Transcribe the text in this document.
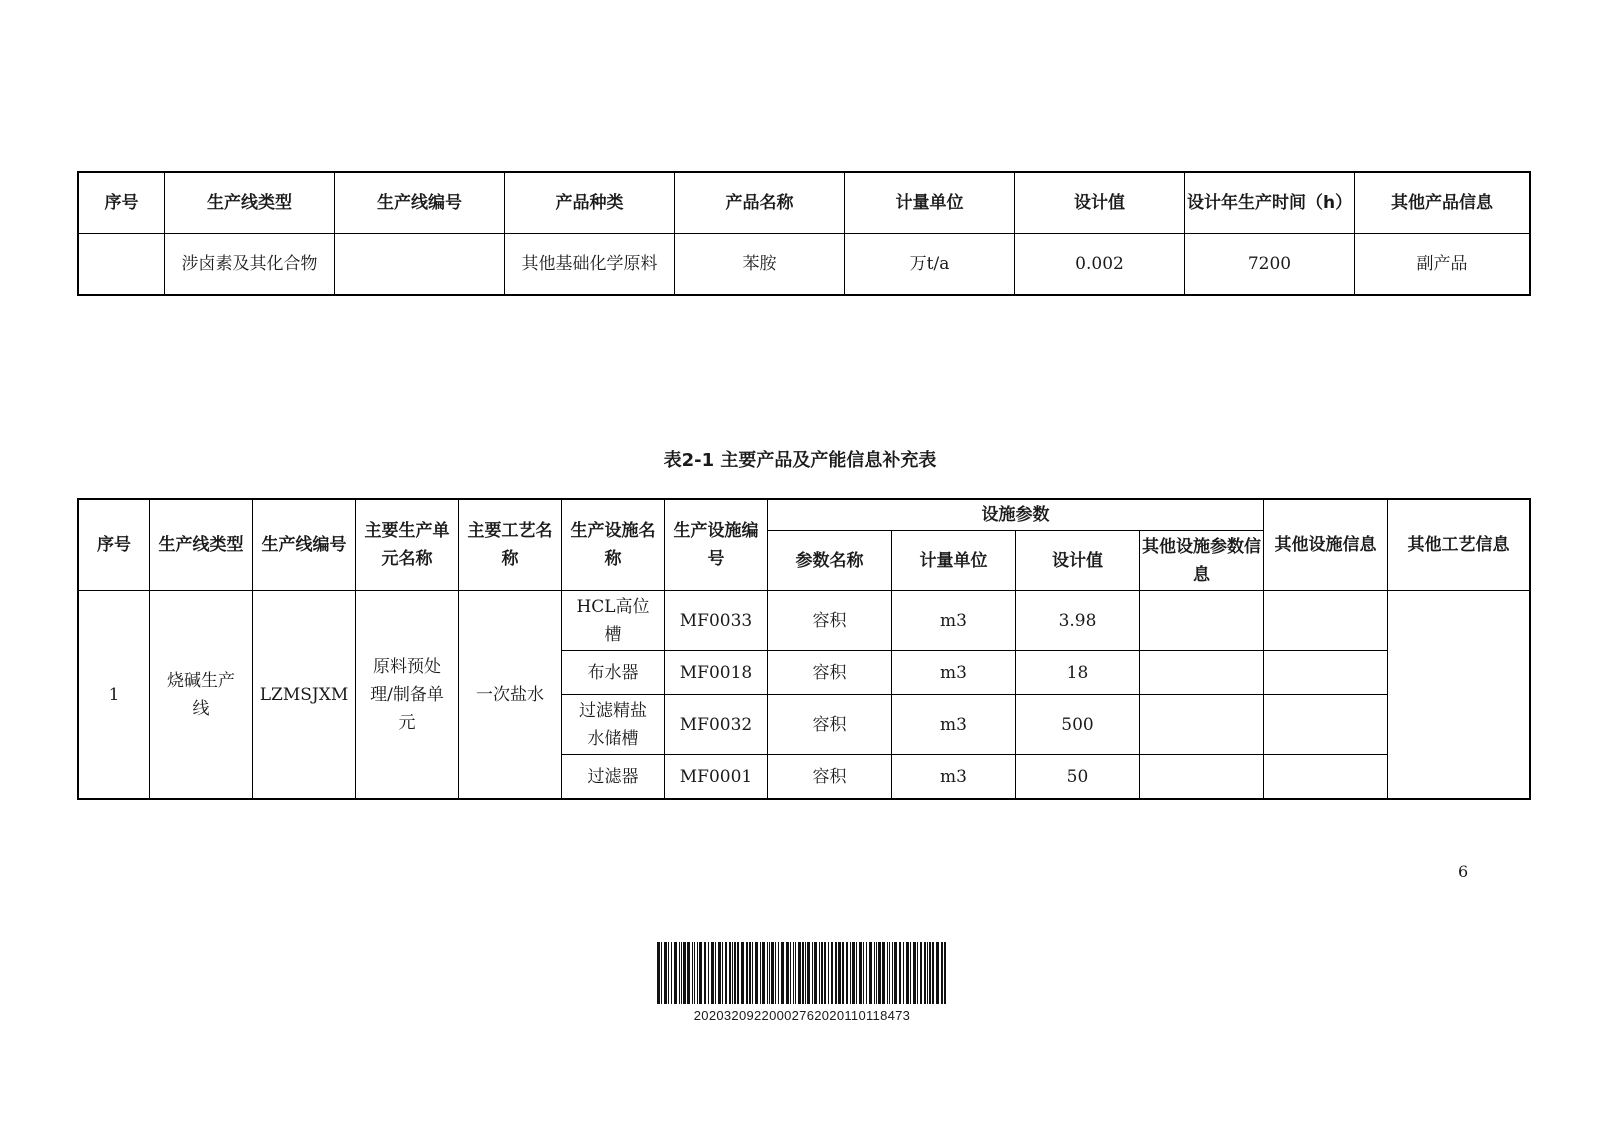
序号	生产线类型	生产线编号	产品种类	产品名称	计量单位	设计值	设计年生产时间（h）	其他产品信息
	涉卤素及其化合物		其他基础化学原料	苯胺	万t/a	0.002	7200	副产品
表2-1 主要产品及产能信息补充表
序号	生产线类型	生产线编号	主要生产单元名称	主要工艺名称	生产设施名称	生产设施编号	设施参数				其他设施信息	其他工艺信息
							参数名称	计量单位	设计值	其他设施参数信息		
1	烧碱生产线	LZMSJXM	原料预处理/制备单元	一次盐水	HCL高位槽	MF0033	容积	m3	3.98			
					布水器	MF0018	容积	m3	18			
					过滤精盐水储槽	MF0032	容积	m3	500			
					过滤器	MF0001	容积	m3	50			
6
20203209220002762020110118473
